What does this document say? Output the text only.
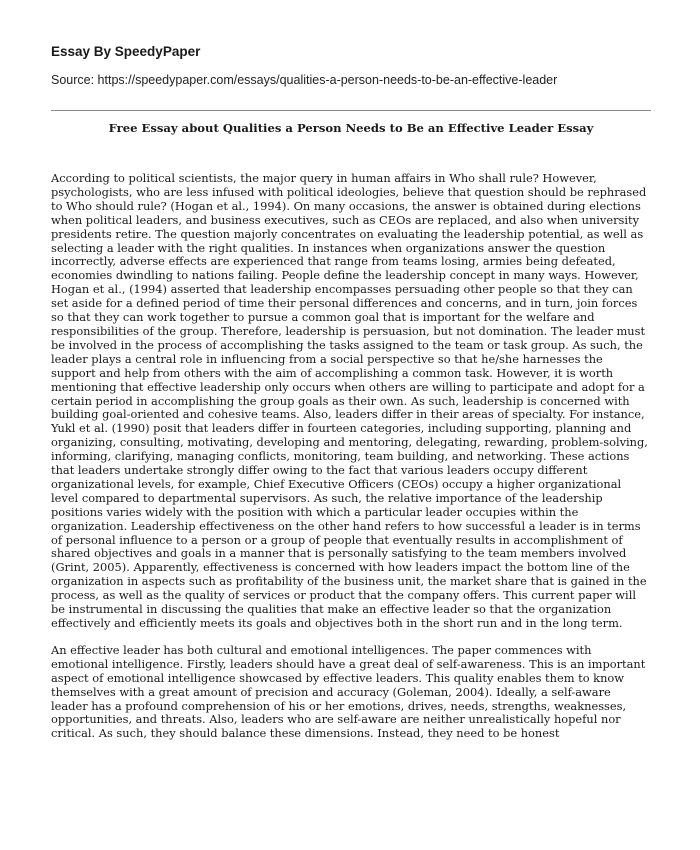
Essay By SpeedyPaper

Source: https://speedypaper.com/essays/qualities-a-person-needs-to-be-an-effective-leader

Free Essay about Qualities a Person Needs to Be an Effective Leader Essay

According to political scientists, the major query in human affairs in Who shall rule? However, psychologists, who are less infused with political ideologies, believe that question should be rephrased to Who should rule? (Hogan et al., 1994). On many occasions, the answer is obtained during elections when political leaders, and business executives, such as CEOs are replaced, and also when university presidents retire. The question majorly concentrates on evaluating the leadership potential, as well as selecting a leader with the right qualities. In instances when organizations answer the question incorrectly, adverse effects are experienced that range from teams losing, armies being defeated, economies dwindling to nations failing. People define the leadership concept in many ways. However, Hogan et al., (1994) asserted that leadership encompasses persuading other people so that they can set aside for a defined period of time their personal differences and concerns, and in turn, join forces so that they can work together to pursue a common goal that is important for the welfare and responsibilities of the group. Therefore, leadership is persuasion, but not domination. The leader must be involved in the process of accomplishing the tasks assigned to the team or task group. As such, the leader plays a central role in influencing from a social perspective so that he/she harnesses the support and help from others with the aim of accomplishing a common task. However, it is worth mentioning that effective leadership only occurs when others are willing to participate and adopt for a certain period in accomplishing the group goals as their own. As such, leadership is concerned with building goal-oriented and cohesive teams. Also, leaders differ in their areas of specialty. For instance, Yukl et al. (1990) posit that leaders differ in fourteen categories, including supporting, planning and organizing, consulting, motivating, developing and mentoring, delegating, rewarding, problem-solving, informing, clarifying, managing conflicts, monitoring, team building, and networking. These actions that leaders undertake strongly differ owing to the fact that various leaders occupy different organizational levels, for example, Chief Executive Officers (CEOs) occupy a higher organizational level compared to departmental supervisors. As such, the relative importance of the leadership positions varies widely with the position with which a particular leader occupies within the organization. Leadership effectiveness on the other hand refers to how successful a leader is in terms of personal influence to a person or a group of people that eventually results in accomplishment of shared objectives and goals in a manner that is personally satisfying to the team members involved (Grint, 2005). Apparently, effectiveness is concerned with how leaders impact the bottom line of the organization in aspects such as profitability of the business unit, the market share that is gained in the process, as well as the quality of services or product that the company offers. This current paper will be instrumental in discussing the qualities that make an effective leader so that the organization effectively and efficiently meets its goals and objectives both in the short run and in the long term.

An effective leader has both cultural and emotional intelligences. The paper commences with emotional intelligence. Firstly, leaders should have a great deal of self-awareness. This is an important aspect of emotional intelligence showcased by effective leaders. This quality enables them to know themselves with a great amount of precision and accuracy (Goleman, 2004). Ideally, a self-aware leader has a profound comprehension of his or her emotions, drives, needs, strengths, weaknesses, opportunities, and threats. Also, leaders who are self-aware are neither unrealistically hopeful nor critical. As such, they should balance these dimensions. Instead, they need to be honest
